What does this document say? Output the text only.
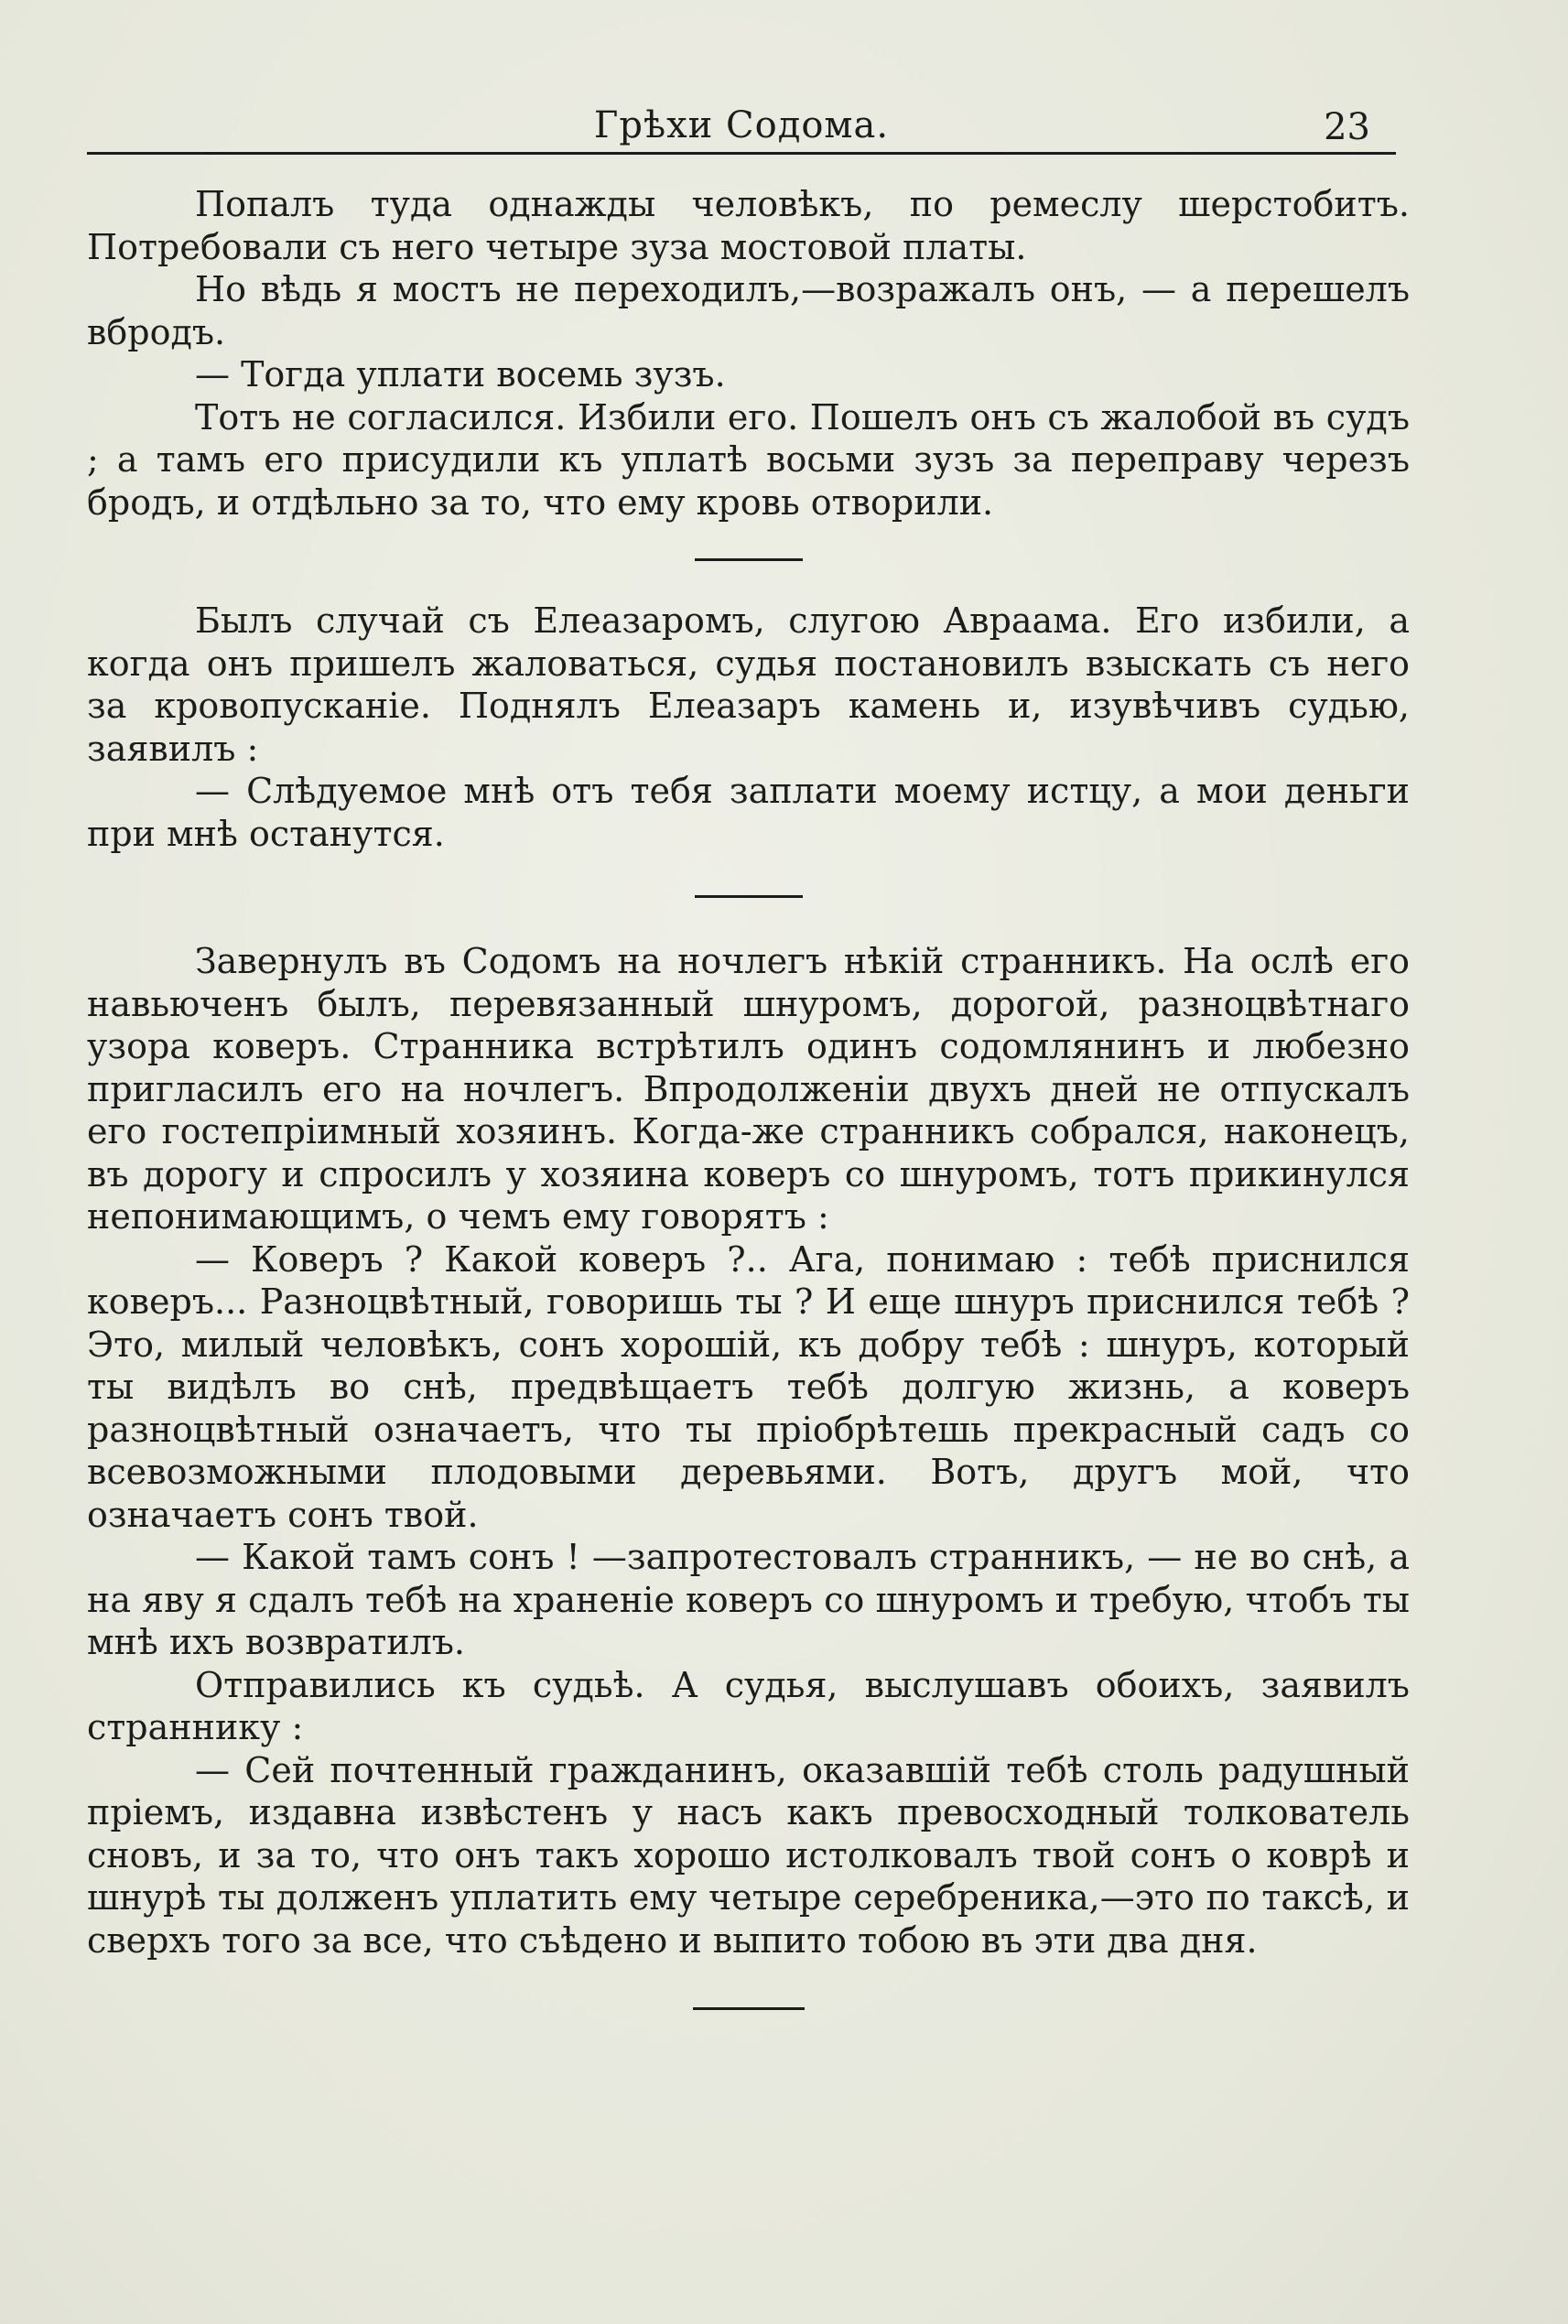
Грѣхи Содома.	23

Попалъ туда однажды человѣкъ, по ремеслу шерстобитъ. Потребовали съ него четыре зуза мостовой платы.

Но вѣдь я мостъ не переходилъ,—возражалъ онъ, — а перешелъ вбродъ.

— Тогда уплати восемь зузъ.

Тотъ не согласился. Избили его. Пошелъ онъ съ жалобой въ судъ ; а тамъ его присудили къ уплатѣ восьми зузъ за переправу черезъ бродъ, и отдѣльно за то, что ему кровь отворили.

Былъ случай съ Елеазаромъ, слугою Авраама. Его избили, а когда онъ пришелъ жаловаться, судья постановилъ взыскать съ него за кровопусканіе. Поднялъ Елеазаръ камень и, изувѣчивъ судью, заявилъ :

— Слѣдуемое мнѣ отъ тебя заплати моему истцу, а мои деньги при мнѣ останутся.

Завернулъ въ Содомъ на ночлегъ нѣкій странникъ. На ослѣ его навьюченъ былъ, перевязанный шнуромъ, дорогой, разноцвѣтнаго узора коверъ. Странника встрѣтилъ одинъ содомлянинъ и любезно пригласилъ его на ночлегъ. Впродолженіи двухъ дней не отпускалъ его гостепріимный хозяинъ. Когда-же странникъ собрался, наконецъ, въ дорогу и спросилъ у хозяина коверъ со шнуромъ, тотъ прикинулся непонимающимъ, о чемъ ему говорятъ :

— Коверъ ? Какой коверъ ?.. Ага, понимаю : тебѣ приснился коверъ... Разноцвѣтный, говоришь ты ? И еще шнуръ приснился тебѣ ? Это, милый человѣкъ, сонъ хорошій, къ добру тебѣ : шнуръ, который ты видѣлъ во снѣ, предвѣщаетъ тебѣ долгую жизнь, а коверъ разноцвѣтный означаетъ, что ты пріобрѣтешь прекрасный садъ со всевозможными плодовыми деревьями. Вотъ, другъ мой, что означаетъ сонъ твой.

— Какой тамъ сонъ ! —запротестовалъ странникъ, — не во снѣ, а на яву я сдалъ тебѣ на храненіе коверъ со шнуромъ и требую, чтобъ ты мнѣ ихъ возвратилъ.

Отправились къ судьѣ. А судья, выслушавъ обоихъ, заявилъ страннику :

— Сей почтенный гражданинъ, оказавшій тебѣ столь радушный пріемъ, издавна извѣстенъ у насъ какъ превосходный толкователь сновъ, и за то, что онъ такъ хорошо истолковалъ твой сонъ о коврѣ и шнурѣ ты долженъ уплатить ему четыре серебреника,—это по таксѣ, и сверхъ того за все, что съѣдено и выпито тобою въ эти два дня.
